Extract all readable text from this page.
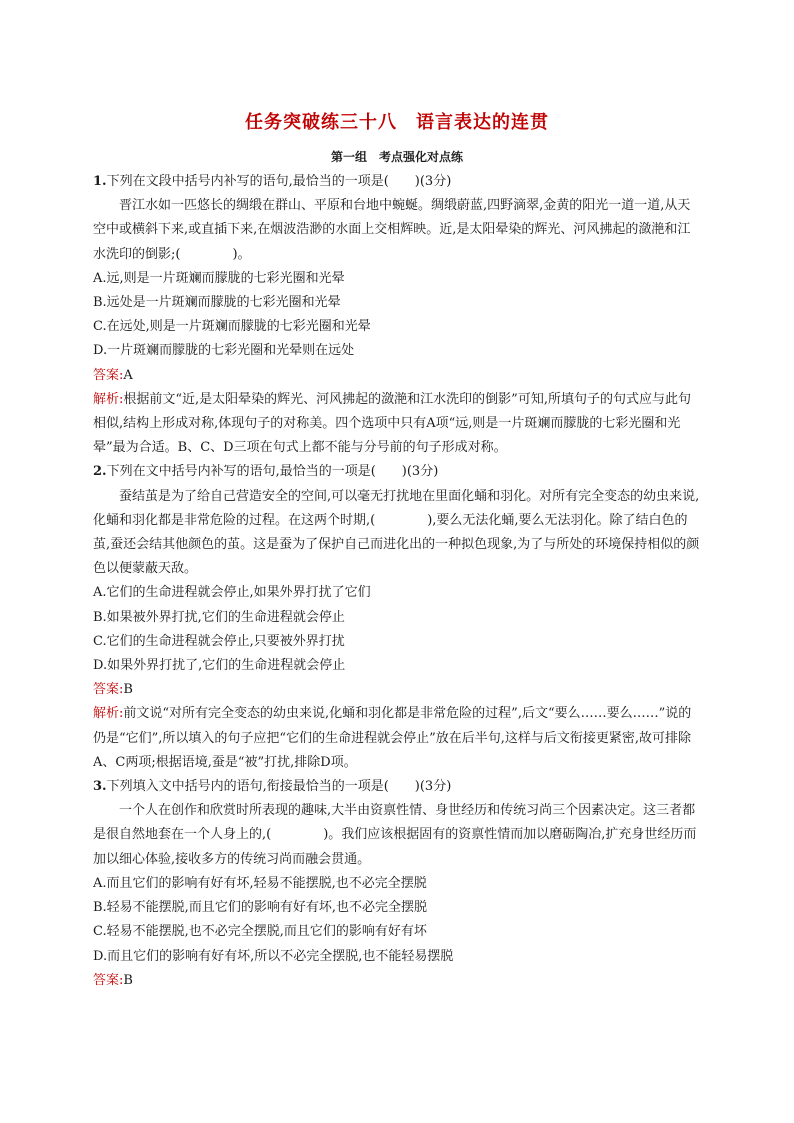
任务突破练三十八　语言表达的连贯
第一组　考点强化对点练

1.下列在文段中括号内补写的语句,最恰当的一项是(　　)(3分)

晋江水如一匹悠长的绸缎在群山、平原和台地中蜿蜒。绸缎蔚蓝,四野滴翠,金黄的阳光一道一道,从天空中或横斜下来,或直插下来,在烟波浩渺的水面上交相辉映。近,是太阳晕染的辉光、河风拂起的潋滟和江水洗印的倒影;(　　　　)。

A.远,则是一片斑斓而朦胧的七彩光圈和光晕

B.远处是一片斑斓而朦胧的七彩光圈和光晕

C.在远处,则是一片斑斓而朦胧的七彩光圈和光晕

D.一片斑斓而朦胧的七彩光圈和光晕则在远处

答案:A

解析:根据前文“近,是太阳晕染的辉光、河风拂起的潋滟和江水洗印的倒影”可知,所填句子的句式应与此句相似,结构上形成对称,体现句子的对称美。四个选项中只有A项“远,则是一片斑斓而朦胧的七彩光圈和光晕”最为合适。B、C、D三项在句式上都不能与分号前的句子形成对称。

2.下列在文中括号内补写的语句,最恰当的一项是(　　)(3分)

蚕结茧是为了给自己营造安全的空间,可以毫无打扰地在里面化蛹和羽化。对所有完全变态的幼虫来说,化蛹和羽化都是非常危险的过程。在这两个时期,(　　　　),要么无法化蛹,要么无法羽化。除了结白色的茧,蚕还会结其他颜色的茧。这是蚕为了保护自己而进化出的一种拟色现象,为了与所处的环境保持相似的颜色以便蒙蔽天敌。

A.它们的生命进程就会停止,如果外界打扰了它们

B.如果被外界打扰,它们的生命进程就会停止

C.它们的生命进程就会停止,只要被外界打扰

D.如果外界打扰了,它们的生命进程就会停止

答案:B

解析:前文说“对所有完全变态的幼虫来说,化蛹和羽化都是非常危险的过程”,后文“要么……要么……”说的仍是“它们”,所以填入的句子应把“它们的生命进程就会停止”放在后半句,这样与后文衔接更紧密,故可排除A、C两项;根据语境,蚕是“被”打扰,排除D项。

3.下列填入文中括号内的语句,衔接最恰当的一项是(　　)(3分)

一个人在创作和欣赏时所表现的趣味,大半由资禀性情、身世经历和传统习尚三个因素决定。这三者都是很自然地套在一个人身上的,(　　　　)。我们应该根据固有的资禀性情而加以磨砺陶冶,扩充身世经历而加以细心体验,接收多方的传统习尚而融会贯通。

A.而且它们的影响有好有坏,轻易不能摆脱,也不必完全摆脱

B.轻易不能摆脱,而且它们的影响有好有坏,也不必完全摆脱

C.轻易不能摆脱,也不必完全摆脱,而且它们的影响有好有坏

D.而且它们的影响有好有坏,所以不必完全摆脱,也不能轻易摆脱

答案:B
